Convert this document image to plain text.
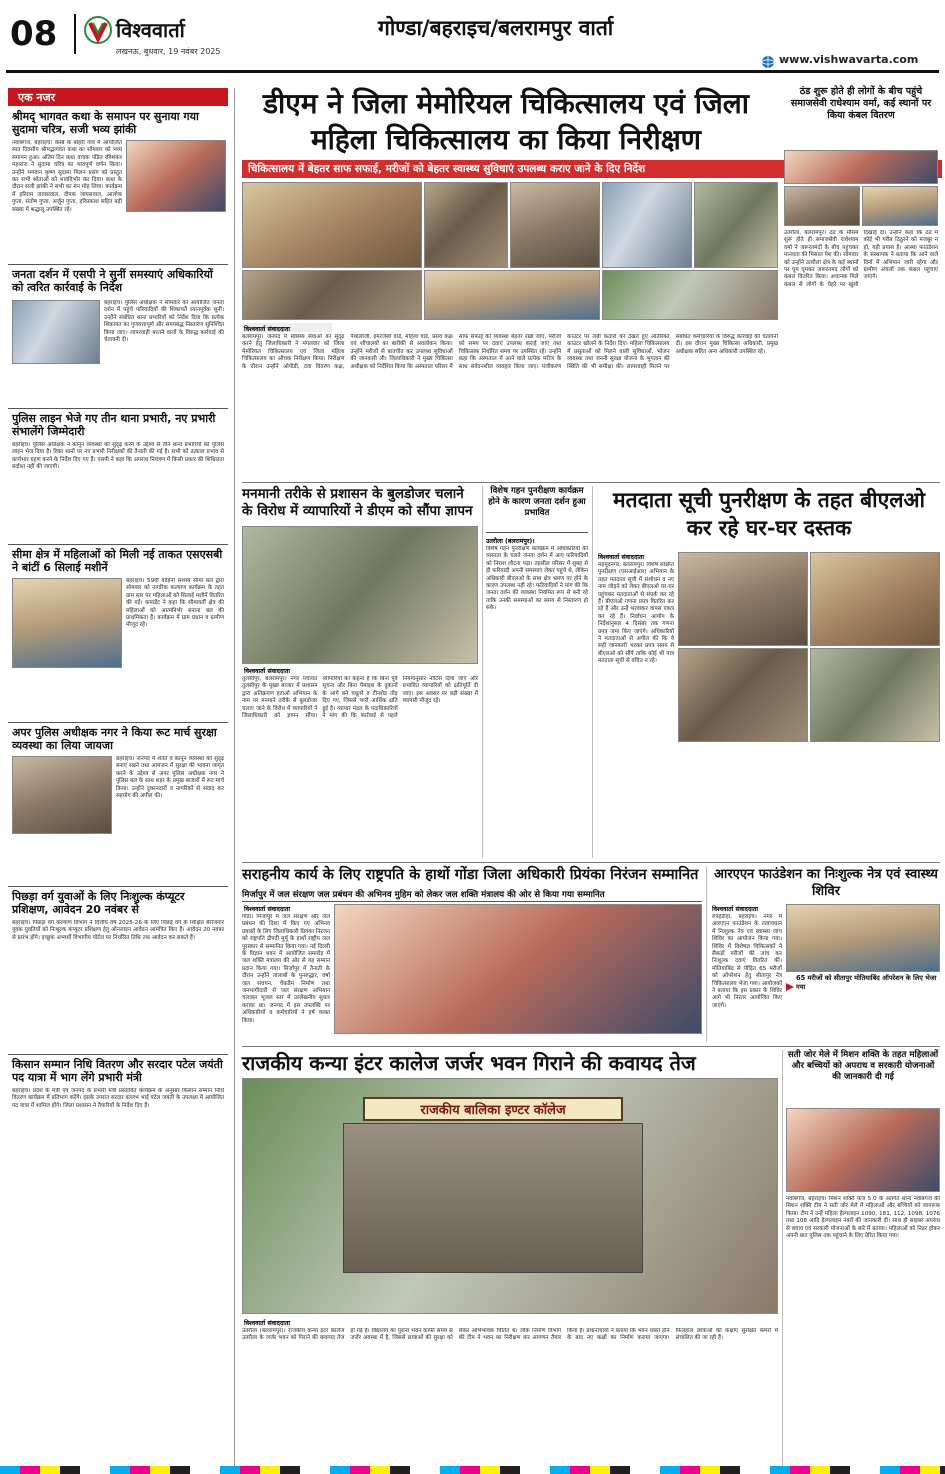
08	विश्ववार्ता
लखनऊ, बुधवार, 19 नवंबर 2025
गोण्डा/बहराइच/बलरामपुर वार्ता
www.vishwavarta.com
एक नजर
श्रीमद् भागवत कथा के समापन पर सुनाया गया सुदामा चरित्र, सजी भव्य झांकी
नवाबगंज, बहराइच। कस्बे के बाहरी गांव में आयोजित सात दिवसीय श्रीमद्भागवत कथा का सोमवार को भव्य समापन हुआ। अंतिम दिन कथा वाचक पंडित रविशंकर महाराज ने सुदामा चरित्र का भावपूर्ण वर्णन किया। उन्होंने भगवान कृष्ण सुदामा मिलन प्रसंग को प्रस्तुत कर सभी श्रोताओं को भावविभोर कर दिया। कथा के दौरान सजी झांकी ने सभी का मन मोह लिया। कार्यक्रम में हरिराम जायसवाल, दीपक जायसवाल, आलोक गुप्ता, संतोष गुप्ता, अर्जुन गुप्ता, हरिप्रकाश सहित बड़ी संख्या में श्रद्धालु उपस्थित रहे।
जनता दर्शन में एसपी ने सुनीं समस्याएं अधिकारियों को त्वरित कार्रवाई के निर्देश
बहराइच। पुलिस अधीक्षक ने सोमवार को आयोजित जनता दर्शन में पहुंचे फरियादियों की शिकायतें ध्यानपूर्वक सुनीं। उन्होंने संबंधित थाना प्रभारियों को निर्देश दिया कि प्रत्येक शिकायत का गुणवत्तापूर्ण और समयबद्ध निस्तारण सुनिश्चित किया जाए। लापरवाही बरतने वालों के विरुद्ध कार्रवाई की चेतावनी दी।
पुलिस लाइन भेजे गए तीन थाना प्रभारी, नए प्रभारी संभालेंगे जिम्मेदारी
बहराइच। पुलिस अधीक्षक ने कानून व्यवस्था को सुदृढ़ करने के उद्देश्य से तीन थाना प्रभारियों को पुलिस लाइन भेज दिया है। रिक्त थानों पर नए प्रभारी निरीक्षकों की तैनाती की गई है। सभी को तत्काल प्रभाव से कार्यभार ग्रहण करने के निर्देश दिए गए हैं। एसपी ने कहा कि अपराध नियंत्रण में किसी प्रकार की शिथिलता बर्दाश्त नहीं की जाएगी।
सीमा क्षेत्र में महिलाओं को मिली नई ताकत एसएसबी ने बांटीं 6 सिलाई मशीनें
बहराइच। 59वीं वाहिनी सशस्त्र सीमा बल द्वारा सोमवार को नागरिक कल्याण कार्यक्रम के तहत ग्राम स्तर पर महिलाओं को सिलाई मशीनें वितरित की गईं। कमांडेंट ने कहा कि सीमावर्ती क्षेत्र की महिलाओं को आत्मनिर्भर बनाना बल की प्राथमिकता है। कार्यक्रम में ग्राम प्रधान व ग्रामीण मौजूद रहे।
अपर पुलिस अधीक्षक नगर ने किया रूट मार्च सुरक्षा व्यवस्था का लिया जायजा
बहराइच। जनपद में शांति व कानून व्यवस्था को सुदृढ़ बनाए रखने तथा आमजन में सुरक्षा की भावना जागृत करने के उद्देश्य से अपर पुलिस अधीक्षक नगर ने पुलिस बल के साथ शहर के प्रमुख बाजारों में रूट मार्च किया। उन्होंने दुकानदारों व नागरिकों से संवाद कर सहयोग की अपील की।
पिछड़ा वर्ग युवाओं के लिए निःशुल्क कंप्यूटर प्रशिक्षण, आवेदन 20 नवंबर से
बहराइच। पिछड़ा वर्ग कल्याण विभाग ने वित्तीय वर्ष 2025-26 के लिए पिछड़े वर्ग के शिक्षित बेरोजगार युवक युवतियों को निःशुल्क कंप्यूटर प्रशिक्षण हेतु ऑनलाइन आवेदन आमंत्रित किए हैं। आवेदन 20 नवंबर से प्रारंभ होंगे। इच्छुक अभ्यर्थी विभागीय पोर्टल पर निर्धारित तिथि तक आवेदन कर सकते हैं।
किसान सम्मान निधि वितरण और सरदार पटेल जयंती पद यात्रा में भाग लेंगे प्रभारी मंत्री
बहराइच। प्रदेश के मंत्री एवं जनपद के प्रभारी मंत्री प्रस्तावित कार्यक्रम के अनुसार किसान सम्मान निधि वितरण कार्यक्रम में प्रतिभाग करेंगे। इसके उपरांत सरदार वल्लभ भाई पटेल जयंती के उपलक्ष्य में आयोजित पद यात्रा में शामिल होंगे। जिला प्रशासन ने तैयारियों के निर्देश दिए हैं।
डीएम ने जिला मेमोरियल चिकित्सालय एवं जिला महिला चिकित्सालय का किया निरीक्षण
चिकित्सालय में बेहतर साफ सफाई, मरीजों को बेहतर स्वास्थ्य सुविधाएं उपलब्ध कराए जाने के दिए निर्देश
विश्ववार्ता संवाददाता
बलरामपुर। जनपद में स्वास्थ्य सेवाओं को सुदृढ़ करने हेतु जिलाधिकारी ने मंगलवार को जिला मेमोरियल चिकित्सालय एवं जिला महिला चिकित्सालय का औचक निरीक्षण किया। निरीक्षण के दौरान उन्होंने ओपीडी, दवा वितरण कक्ष, पैथोलॉजी, इमरजेंसी वार्ड, महिला वार्ड, प्रसव कक्ष एवं शौचालयों का बारीकी से अवलोकन किया। उन्होंने मरीजों से बातचीत कर उपलब्ध सुविधाओं की जानकारी ली। जिलाधिकारी ने मुख्य चिकित्सा अधीक्षक को निर्देशित किया कि अस्पताल परिसर में साफ सफाई की व्यवस्था बेहतर रखी जाए, मरीजों को समय पर दवाएं उपलब्ध कराई जाएं तथा चिकित्सक निर्धारित समय पर उपस्थित रहें। उन्होंने कहा कि अस्पताल में आने वाले प्रत्येक मरीज के साथ संवेदनशील व्यवहार किया जाए। पंजीकरण काउंटर पर लंबी कतारों को देखते हुए अतिरिक्त काउंटर खोलने के निर्देश दिए। महिला चिकित्सालय में प्रसूताओं को मिलने वाली सुविधाओं, भोजन व्यवस्था तथा जननी सुरक्षा योजना के भुगतान की स्थिति की भी समीक्षा की। लापरवाही मिलने पर संबंधित कर्मचारियों के विरुद्ध कार्रवाई की चेतावनी दी। इस दौरान मुख्य चिकित्सा अधिकारी, प्रमुख अधीक्षक सहित अन्य अधिकारी उपस्थित रहे।
ठंड शुरू होते ही लोगों के बीच पहुंचे समाजसेवी राधेश्याम वर्मा, कई स्थानों पर किया कंबल वितरण
उतरौला, बलरामपुर। ठंड के मौसम शुरू होते ही समाजसेवी राधेश्याम वर्मा ने जरूरतमंदों के बीच पहुंचकर मानवता की मिसाल पेश की। सोमवार को उन्होंने उतरौला क्षेत्र के कई स्थानों पर घूम घूमकर जरूरतमंद लोगों को कंबल वितरित किया। अचानक मिले कंबल से लोगों के चेहरे पर खुशी दिखाई दी। उन्होंने कहा कि ठंड में कोई भी गरीब ठिठुरने को मजबूर न हो, यही प्रयास है। आस्था फाउंडेशन के संस्थापक ने बताया कि आने वाले दिनों में अभियान जारी रहेगा और ग्रामीण अंचलों तक कंबल पहुंचाए जाएंगे।
मनमानी तरीके से प्रशासन के बुलडोजर चलाने के विरोध में व्यापारियों ने डीएम को सौंपा ज्ञापन
विश्ववार्ता संवाददाता
तुलसीपुर, बलरामपुर। नगर पंचायत तुलसीपुर के मुख्य बाजार में प्रशासन द्वारा अतिक्रमण हटाओ अभियान के नाम पर मनमाने तरीके से बुलडोजर चलाए जाने के विरोध में व्यापारियों ने जिलाधिकारी को ज्ञापन सौंपा। व्यापारियों का कहना है कि बिना पूर्व सूचना और बिना पैमाइश के दुकानों के आगे बने चबूतरे व टीनशेड तोड़ दिए गए, जिससे भारी आर्थिक क्षति हुई है। व्यापार मंडल के पदाधिकारियों ने मांग की कि कार्रवाई से पहले नियमानुसार नोटिस दिया जाए और प्रभावित व्यापारियों को क्षतिपूर्ति दी जाए। इस अवसर पर बड़ी संख्या में व्यापारी मौजूद रहे।
विशेष गहन पुनरीक्षण कार्यक्रम होने के कारण जनता दर्शन हुआ प्रभावित
उतरौला (बलरामपुर)।
विशेष गहन पुनरीक्षण कार्यक्रम में अधिकारियों की व्यस्तता के चलते जनता दर्शन में आए फरियादियों को निराश लौटना पड़ा। तहसील परिसर में सुबह से ही फरियादी अपनी समस्याएं लेकर पहुंचे थे, लेकिन अधिकारी बीएलओ के साथ क्षेत्र भ्रमण पर होने के कारण उपलब्ध नहीं रहे। फरियादियों ने मांग की कि जनता दर्शन की व्यवस्था नियमित रूप से बनी रहे ताकि उनकी समस्याओं का समय से निस्तारण हो सके।
मतदाता सूची पुनरीक्षण के तहत बीएलओ कर रहे घर-घर दस्तक
विश्ववार्ता संवाददाता
महमूदनगर, बलरामपुर। विशेष संक्षिप्त पुनरीक्षण (एसआईआर) अभियान के तहत मतदाता सूची में संशोधन व नए नाम जोड़ने को लेकर बीएलओ घर-घर पहुंचकर मतदाताओं से संपर्क कर रहे हैं। बीएलओ गणना प्रपत्र वितरित कर रहे हैं और उन्हें भरवाकर वापस एकत्र कर रहे हैं। निर्वाचन आयोग के निर्देशानुसार 4 दिसंबर तक गणना प्रपत्र जमा किए जाएंगे। अधिकारियों ने मतदाताओं से अपील की कि वे सही जानकारी भरकर प्रपत्र समय से बीएलओ को सौंपें ताकि कोई भी पात्र मतदाता सूची से वंचित न रहे।
सराहनीय कार्य के लिए राष्ट्रपति के हाथों गोंडा जिला अधिकारी प्रियंका निरंजन सम्मानित
मिर्जापुर में जल संरक्षण जल प्रबंधन की अभिनव मुहिम को लेकर जल शक्ति मंत्रालय की ओर से किया गया सम्मानित
विश्ववार्ता संवाददाता
गोंडा। मिर्जापुर में जल संरक्षण और जल प्रबंधन की दिशा में किए गए अभिनव प्रयासों के लिए जिलाधिकारी प्रियंका निरंजन को राष्ट्रपति द्रौपदी मुर्मू के हाथों राष्ट्रीय जल पुरस्कार से सम्मानित किया गया। नई दिल्ली के विज्ञान भवन में आयोजित समारोह में जल शक्ति मंत्रालय की ओर से यह सम्मान प्रदान किया गया। मिर्जापुर में तैनाती के दौरान उन्होंने तालाबों के पुनरुद्धार, वर्षा जल संचयन, चेकडैम निर्माण तथा जनभागीदारी से जल संरक्षण अभियान चलाकर भूजल स्तर में उल्लेखनीय सुधार कराया था। जनपद में इस उपलब्धि पर अधिकारियों व कर्मचारियों ने हर्ष व्यक्त किया।
आरएएन फाउंडेशन का निःशुल्क नेत्र एवं स्वास्थ्य शिविर
विश्ववार्ता संवाददाता
रुपईडीहा, बहराइच। नगर में आरएएन फाउंडेशन के तत्वावधान में निःशुल्क नेत्र एवं स्वास्थ्य जांच शिविर का आयोजन किया गया। शिविर में विशेषज्ञ चिकित्सकों ने सैकड़ों मरीजों की जांच कर निःशुल्क दवाएं वितरित कीं। मोतियाबिंद से पीड़ित 65 मरीजों को ऑपरेशन हेतु सीतापुर नेत्र चिकित्सालय भेजा गया। आयोजकों ने बताया कि इस प्रकार के शिविर आगे भी निरंतर आयोजित किए जाएंगे।
65 मरीजों को सीतापुर मोतियाबिंद ऑपरेशन के लिए भेजा गया
राजकीय कन्या इंटर कालेज जर्जर भवन गिराने की कवायद तेज
राजकीय बालिका इण्टर कॉलेज
विश्ववार्ता संवाददाता
उतरौला (बलरामपुर)। राजकीय कन्या इंटर कालेज उतरौला के जर्जर भवन को गिराने की कवायद तेज हो गई है। विद्यालय का पुराना भवन काफी समय से जर्जर अवस्था में है, जिससे छात्राओं की सुरक्षा को लेकर अभिभावक चिंतित थे। लोक निर्माण विभाग की टीम ने भवन का निरीक्षण कर आगणन तैयार किया है। प्रधानाचार्या ने बताया कि भवन ध्वस्त होने के बाद नए कक्षों का निर्माण कराया जाएगा। फिलहाल छात्राओं की कक्षाएं सुरक्षित कमरों में संचालित की जा रही हैं।
सती जोर मेले में मिशन शक्ति के तहत महिलाओं और बच्चियों को अपराध व सरकारी योजनाओं की जानकारी दी गई
नवाबगंज, बहराइच। मिशन शक्ति फेज 5.0 के अंतर्गत थाना नवाबगंज की मिशन शक्ति टीम ने सती जोर मेले में महिलाओं और बच्चियों को जागरूक किया। टीम ने उन्हें महिला हेल्पलाइन 1090, 181, 112, 1098, 1076 तथा 108 आदि हेल्पलाइन नंबरों की जानकारी दी। साथ ही साइबर अपराध से बचाव एवं सरकारी योजनाओं के बारे में बताया। महिलाओं को निडर होकर अपनी बात पुलिस तक पहुंचाने के लिए प्रेरित किया गया।
